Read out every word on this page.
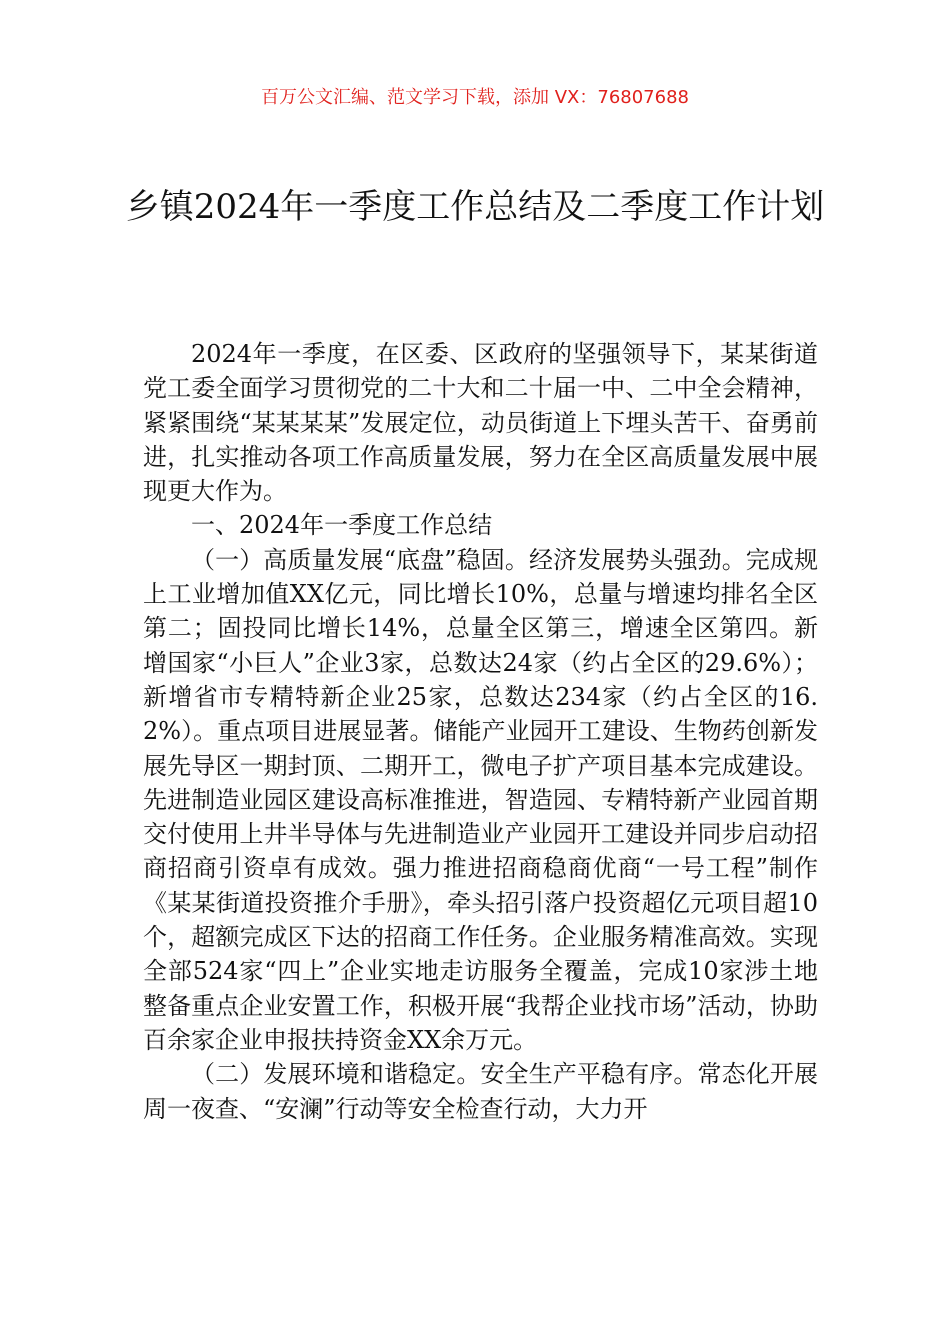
百万公文汇编、范文学习下载，添加 VX：76807688
乡镇2024年一季度工作总结及二季度工作计划

2024年一季度，在区委、区政府的坚强领导下，某某街道党工委全面学习贯彻党的二十大和二十届一中、二中全会精神，紧紧围绕“某某某某”发展定位，动员街道上下埋头苦干、奋勇前进，扎实推动各项工作高质量发展，努力在全区高质量发展中展现更大作为。

一、2024年一季度工作总结

（一）高质量发展“底盘”稳固。经济发展势头强劲。完成规上工业增加值XX亿元，同比增长10%，总量与增速均排名全区第二；固投同比增长14%，总量全区第三，增速全区第四。新增国家“小巨人”企业3家，总数达24家（约占全区的29.6%）；新增省市专精特新企业25家，总数达234家（约占全区的16.2%）。重点项目进展显著。储能产业园开工建设、生物药创新发展先导区一期封顶、二期开工，微电子扩产项目基本完成建设。先进制造业园区建设高标准推进，智造园、专精特新产业园首期交付使用上井半导体与先进制造业产业园开工建设并同步启动招商招商引资卓有成效。强力推进招商稳商优商“一号工程”制作《某某街道投资推介手册》，牵头招引落户投资超亿元项目超10个，超额完成区下达的招商工作任务。企业服务精准高效。实现全部524家“四上”企业实地走访服务全覆盖，完成10家涉土地整备重点企业安置工作，积极开展“我帮企业找市场”活动，协助百余家企业申报扶持资金XX余万元。

（二）发展环境和谐稳定。安全生产平稳有序。常态化开展周一夜查、“安澜”行动等安全检查行动，大力开
